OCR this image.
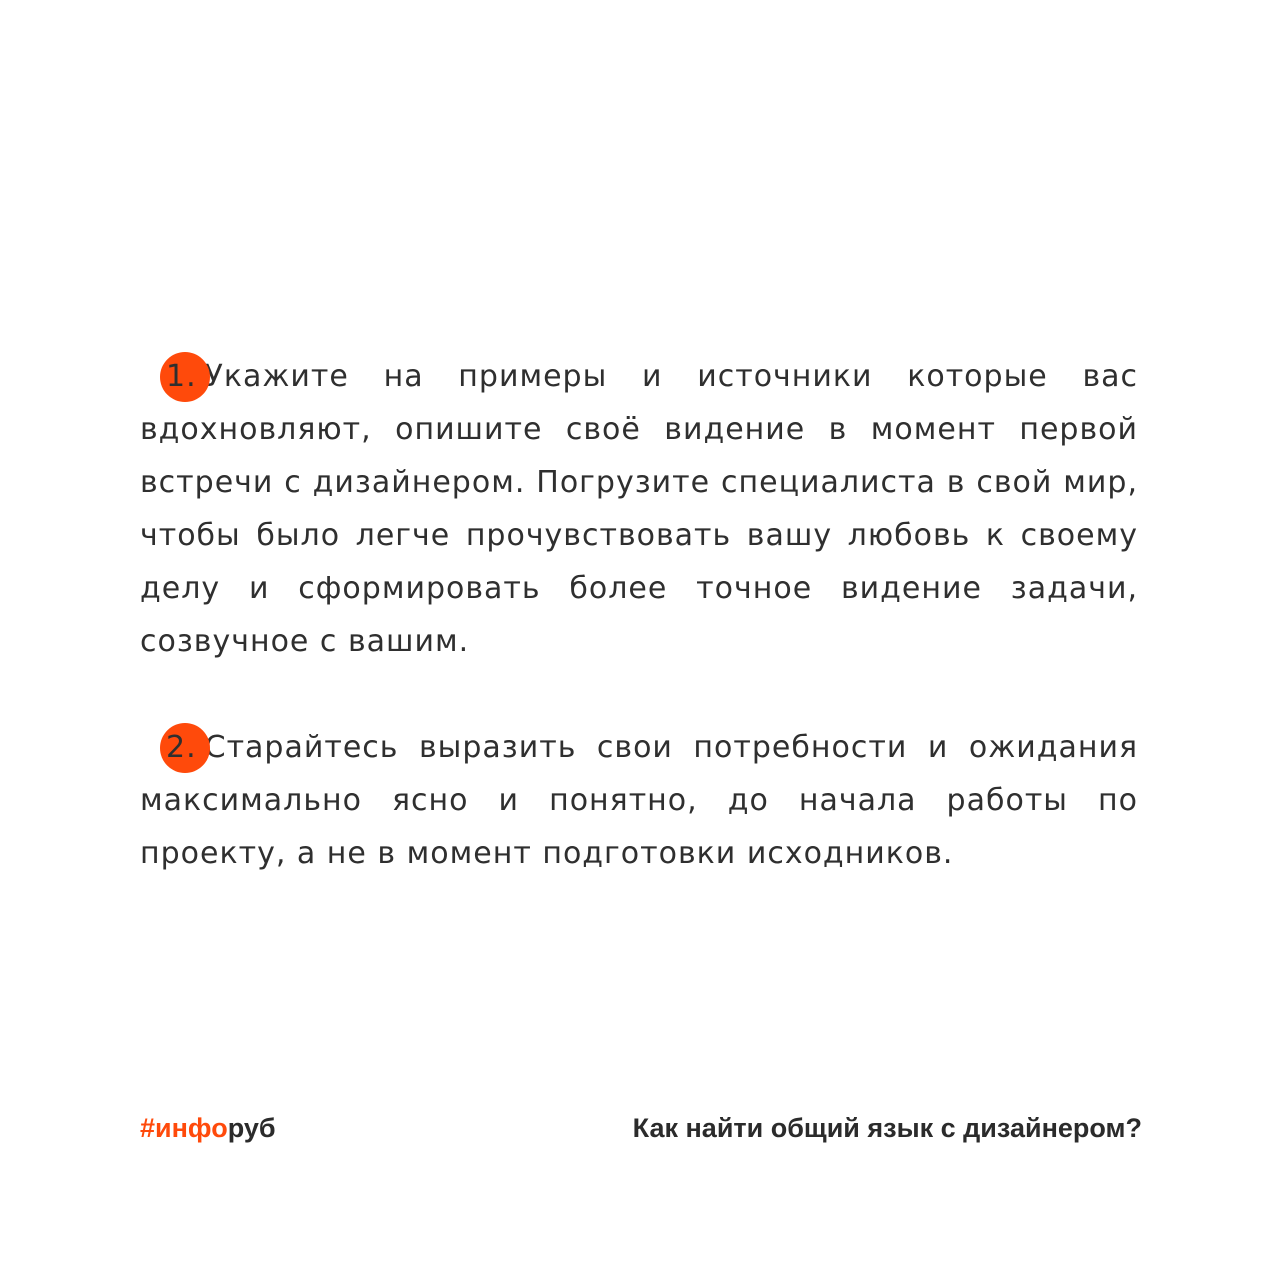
1. Укажите на примеры и источники которые вас вдохновляют, опишите своё видение в момент первой встречи с дизайнером. Погрузите специалиста в свой мир, чтобы было легче прочувствовать вашу любовь к своему делу и сформировать более точное видение задачи, созвучное с вашим.

2. Старайтесь выразить свои потребности и ожидания максимально ясно и понятно, до начала работы по проекту, а не в момент подготовки исходников.

#инфоруб	Как найти общий язык с дизайнером?
